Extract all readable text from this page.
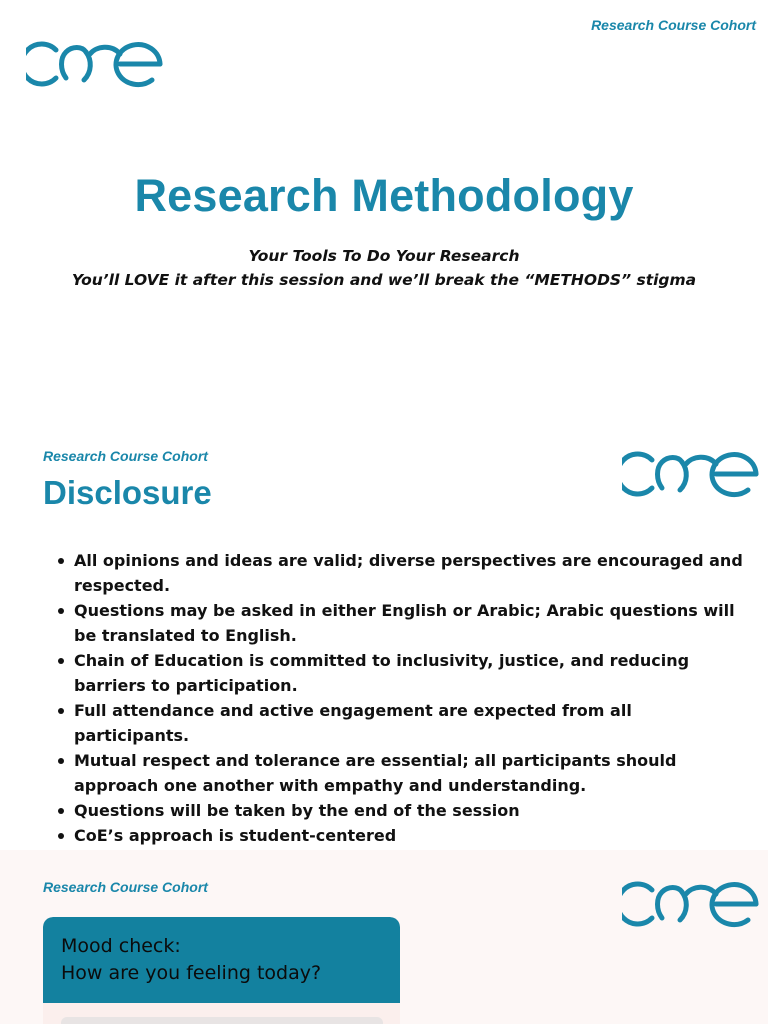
Research Course Cohort
Research Methodology
Your Tools To Do Your Research
You’ll LOVE it after this session and we’ll break the “METHODS” stigma
Research Course Cohort
Disclosure
All opinions and ideas are valid; diverse perspectives are encouraged and
respected.
Questions may be asked in either English or Arabic; Arabic questions will
be translated to English.
Chain of Education is committed to inclusivity, justice, and reducing
barriers to participation.
Full attendance and active engagement are expected from all participants.
Mutual respect and tolerance are essential; all participants should
approach one another with empathy and understanding.
Questions will be taken by the end of the session
CoE’s approach is student-centered
Research Course Cohort
Mood check:
How are you feeling today?
